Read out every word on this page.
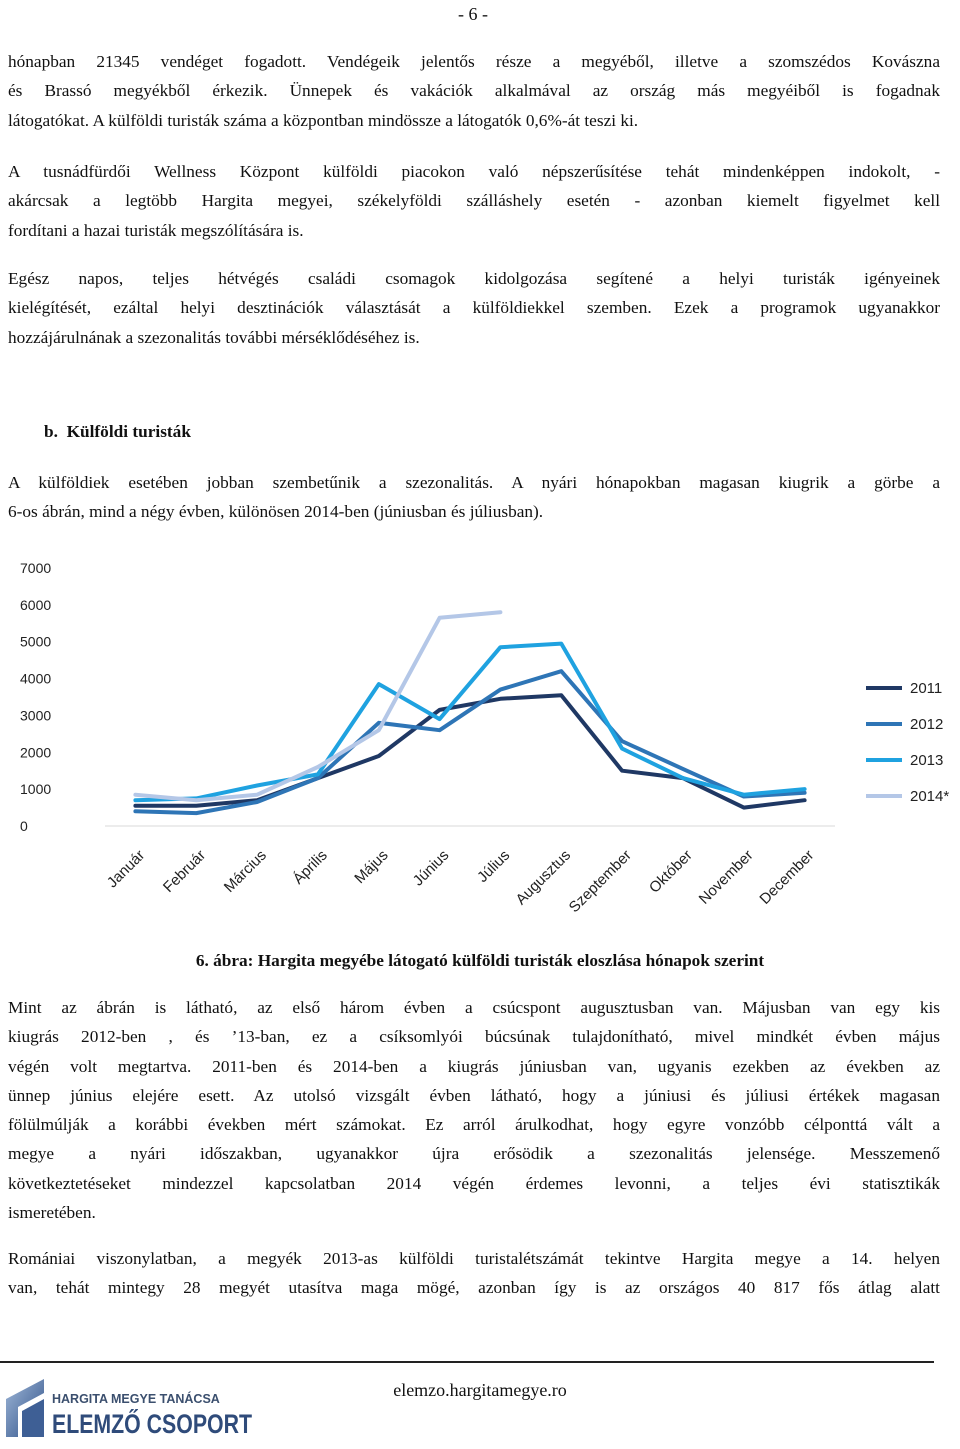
- 6 -
hónapban 21345 vendéget fogadott. Vendégeik jelentős része a megyéből, illetve a szomszédos Kovászna
és Brassó megyékből érkezik. Ünnepek és vakációk alkalmával az ország más megyéiből is fogadnak
látogatókat. A külföldi turisták száma a központban mindössze a látogatók 0,6%-át teszi ki.
A tusnádfürdői Wellness Központ külföldi piacokon való népszerűsítése tehát mindenképpen indokolt, -
akárcsak a legtöbb Hargita megyei, székelyföldi szálláshely esetén - azonban kiemelt figyelmet kell
fordítani a hazai turisták megszólítására is.
Egész napos, teljes hétvégés családi csomagok kidolgozása segítené a helyi turisták igényeinek
kielégítését, ezáltal helyi desztinációk választását a külföldiekkel szemben. Ezek a programok ugyanakkor
hozzájárulnának a szezonalitás további mérséklődéséhez is.
b. Külföldi turisták
A külföldiek esetében jobban szembetűnik a szezonalitás. A nyári hónapokban magasan kiugrik a görbe a
6-os ábrán, mind a négy évben, különösen 2014-ben (júniusban és júliusban).
7000
6000
5000
4000
3000
2000
1000
0
Január Február Március Április Május Június Július Augusztus
Szeptember Október November December
2011
2012
2013
2014*
6. ábra: Hargita megyébe látogató külföldi turisták eloszlása hónapok szerint
Mint az ábrán is látható, az első három évben a csúcspont augusztusban van. Májusban van egy kis
kiugrás 2012-ben , és ’13-ban, ez a csíksomlyói búcsúnak tulajdonítható, mivel mindkét évben május
végén volt megtartva. 2011-ben és 2014-ben a kiugrás júniusban van, ugyanis ezekben az években az
ünnep június elejére esett. Az utolsó vizsgált évben látható, hogy a júniusi és júliusi értékek magasan
fölülmúlják a korábbi években mért számokat. Ez arról árulkodhat, hogy egyre vonzóbb célponttá vált a
megye a nyári időszakban, ugyanakkor újra erősödik a szezonalitás jelensége. Messzemenő
következtetéseket mindezzel kapcsolatban 2014 végén érdemes levonni, a teljes évi statisztikák
ismeretében.
Romániai viszonylatban, a megyék 2013-as külföldi turistalétszámát tekintve Hargita megye a 14. helyen
van, tehát mintegy 28 megyét utasítva maga mögé, azonban így is az országos 40 817 fős átlag alatt
HARGITA MEGYE TANÁCSA
ELEMZŐ CSOPORT
elemzo.hargitamegye.ro
